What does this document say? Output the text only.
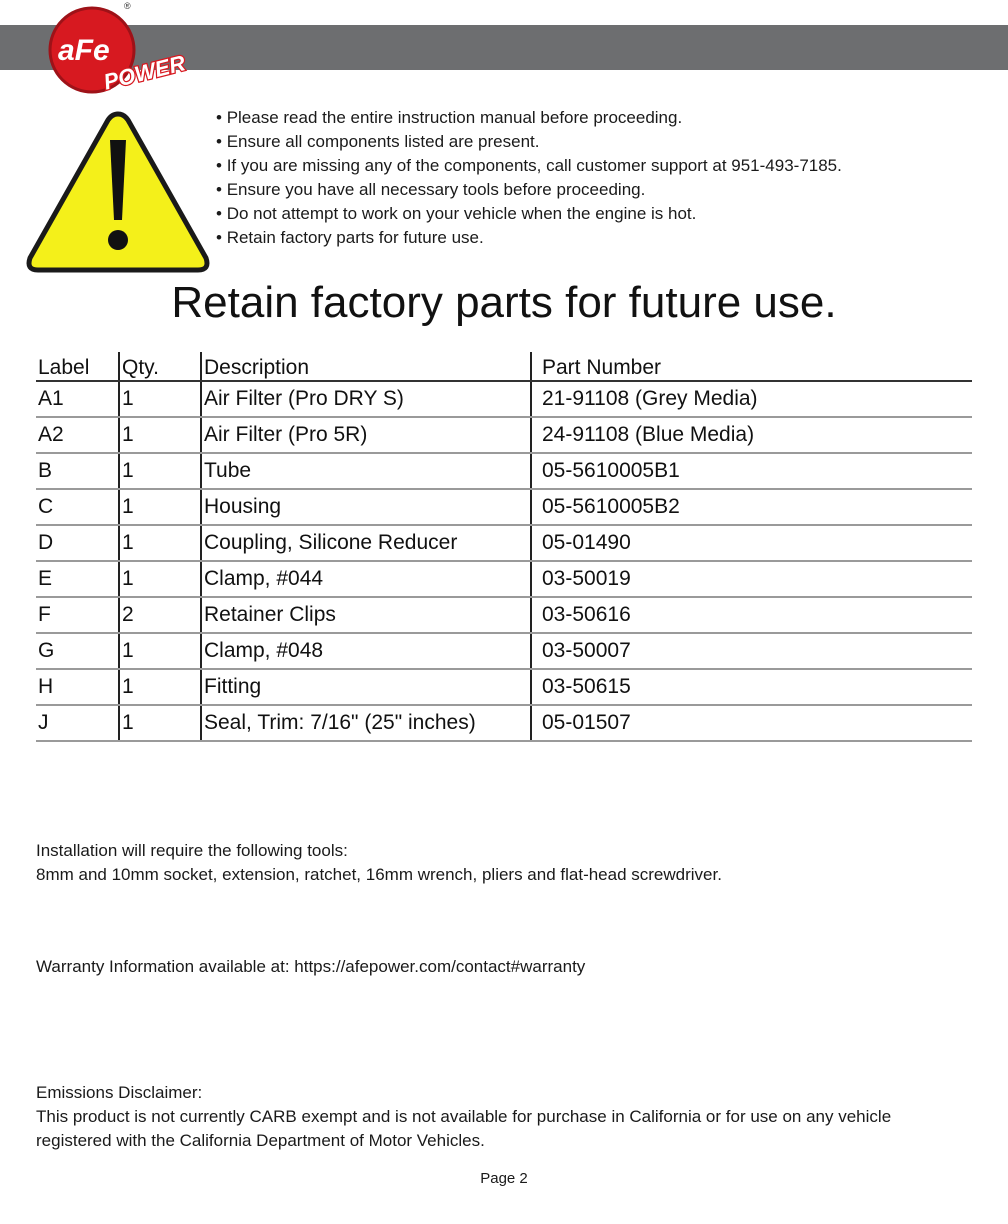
aFe
®
POWER
• Please read the entire instruction manual before proceeding.
• Ensure all components listed are present.
• If you are missing any of the components, call customer support at 951-493-7185.
• Ensure you have all necessary tools before proceeding.
• Do not attempt to work on your vehicle when the engine is hot.
• Retain factory parts for future use.
Retain factory parts for future use.
Label	Qty.	Description	Part Number
A1	1	Air Filter (Pro DRY S)	21-91108 (Grey Media)
A2	1	Air Filter (Pro 5R)	24-91108 (Blue Media)
B	1	Tube	05-5610005B1
C	1	Housing	05-5610005B2
D	1	Coupling, Silicone Reducer	05-01490
E	1	Clamp, #044	03-50019
F	2	Retainer Clips	03-50616
G	1	Clamp, #048	03-50007
H	1	Fitting	03-50615
J	1	Seal, Trim: 7/16" (25" inches)	05-01507
Installation will require the following tools:
8mm and 10mm socket, extension, ratchet, 16mm wrench, pliers and flat-head screwdriver.
Warranty Information available at: https://afepower.com/contact#warranty
Emissions Disclaimer:
This product is not currently CARB exempt and is not available for purchase in California or for use on any vehicle registered with the California Department of Motor Vehicles.
Page 2
